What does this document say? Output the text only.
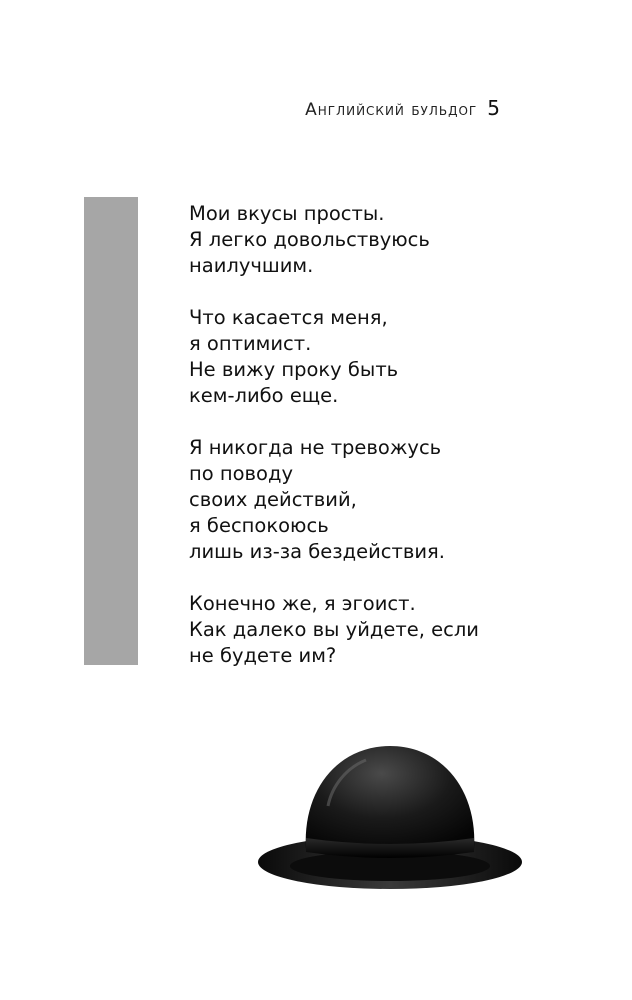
Английский бульдог 5
Мои вкусы просты.
Я легко довольствуюсь
наилучшим.
Что касается меня,
я оптимист.
Не вижу проку быть
кем-либо еще.
Я никогда не тревожусь
по поводу
своих действий,
я беспокоюсь
лишь из-за бездействия.
Конечно же, я эгоист.
Как далеко вы уйдете, если
не будете им?
